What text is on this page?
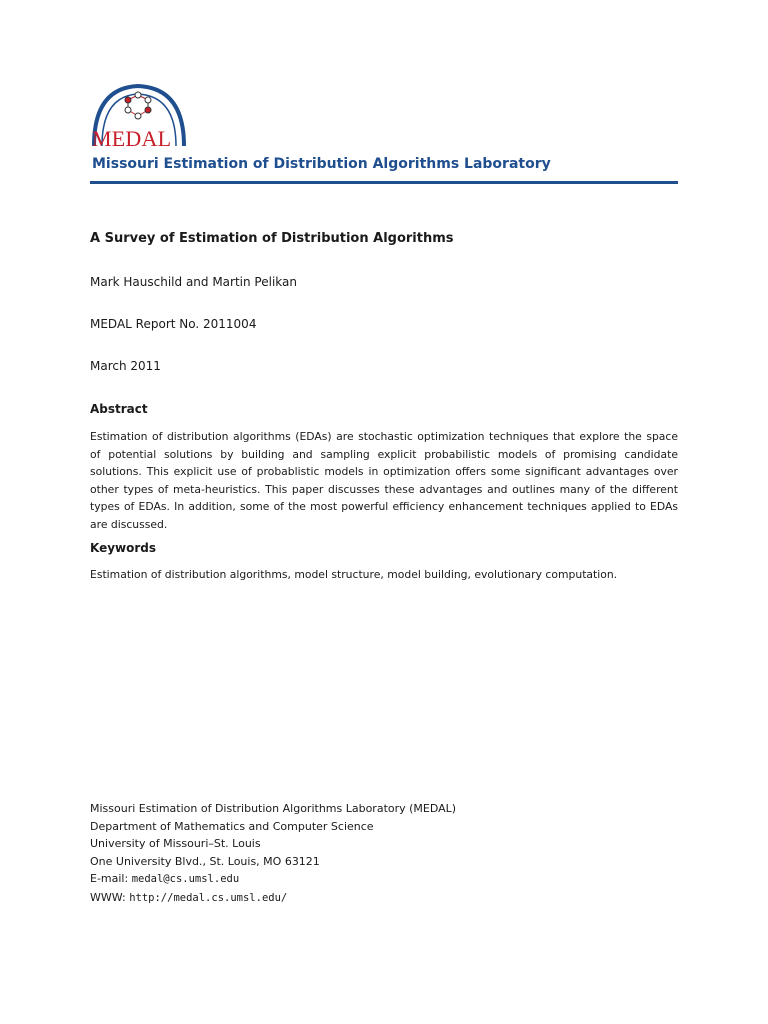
MEDAL
Missouri Estimation of Distribution Algorithms Laboratory
A Survey of Estimation of Distribution Algorithms
Mark Hauschild and Martin Pelikan
MEDAL Report No. 2011004
March 2011
Abstract
Estimation of distribution algorithms (EDAs) are stochastic optimization techniques that explore the space of potential solutions by building and sampling explicit probabilistic models of promising candidate solutions. This explicit use of probablistic models in optimization offers some significant advantages over other types of meta-heuristics. This paper discusses these advantages and outlines many of the different types of EDAs. In addition, some of the most powerful efficiency enhancement techniques applied to EDAs are discussed.
Keywords
Estimation of distribution algorithms, model structure, model building, evolutionary computation.
Missouri Estimation of Distribution Algorithms Laboratory (MEDAL)
Department of Mathematics and Computer Science
University of Missouri–St. Louis
One University Blvd., St. Louis, MO 63121
E-mail: medal@cs.umsl.edu
WWW: http://medal.cs.umsl.edu/
